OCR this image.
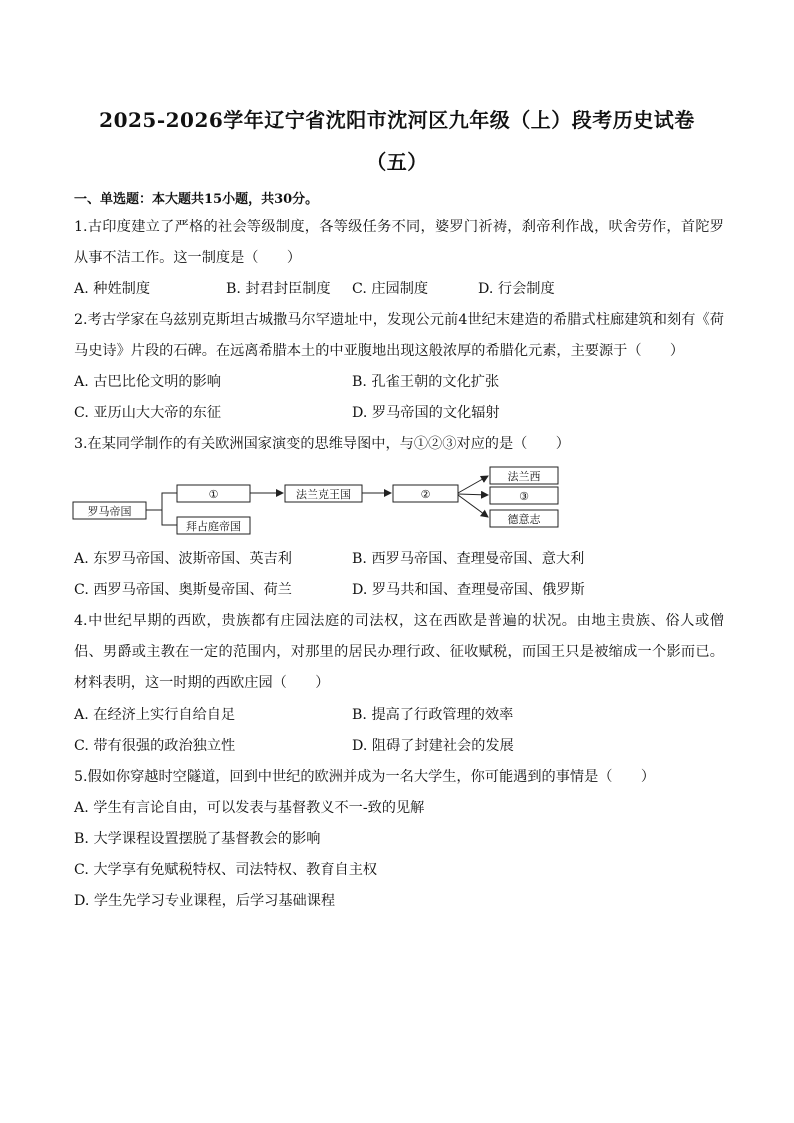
2025-2026学年辽宁省沈阳市沈河区九年级（上）段考历史试卷
（五）
一、单选题：本大题共15小题，共30分。
1.古印度建立了严格的社会等级制度，各等级任务不同，婆罗门祈祷，刹帝利作战，吠舍劳作，首陀罗从事不洁工作。这一制度是（　　）
A. 种姓制度	B. 封君封臣制度 C. 庄园制度	D. 行会制度
2.考古学家在乌兹别克斯坦古城撒马尔罕遗址中，发现公元前4世纪末建造的希腊式柱廊建筑和刻有《荷马史诗》片段的石碑。在远离希腊本土的中亚腹地出现这般浓厚的希腊化元素，主要源于（　　）
A. 古巴比伦文明的影响	B. 孔雀王朝的文化扩张
C. 亚历山大大帝的东征	D. 罗马帝国的文化辐射
3.在某同学制作的有关欧洲国家演变的思维导图中，与①②③对应的是（　　）
罗马帝国
①
拜占庭帝国
法兰克王国	②
法兰西
③
德意志
A. 东罗马帝国、波斯帝国、英吉利	B. 西罗马帝国、查理曼帝国、意大利
C. 西罗马帝国、奥斯曼帝国、荷兰	D. 罗马共和国、查理曼帝国、俄罗斯
4.中世纪早期的西欧，贵族都有庄园法庭的司法权，这在西欧是普遍的状况。由地主贵族、俗人或僧侣、男爵或主教在一定的范围内，对那里的居民办理行政、征收赋税，而国王只是被缩成一个影而已。材料表明，这一时期的西欧庄园（　　）
A. 在经济上实行自给自足	B. 提高了行政管理的效率
C. 带有很强的政治独立性	D. 阻碍了封建社会的发展
5.假如你穿越时空隧道，回到中世纪的欧洲并成为一名大学生，你可能遇到的事情是（　　）
A. 学生有言论自由，可以发表与基督教义不一-致的见解
B. 大学课程设置摆脱了基督教会的影响
C. 大学享有免赋税特权、司法特权、教育自主权
D. 学生先学习专业课程，后学习基础课程
